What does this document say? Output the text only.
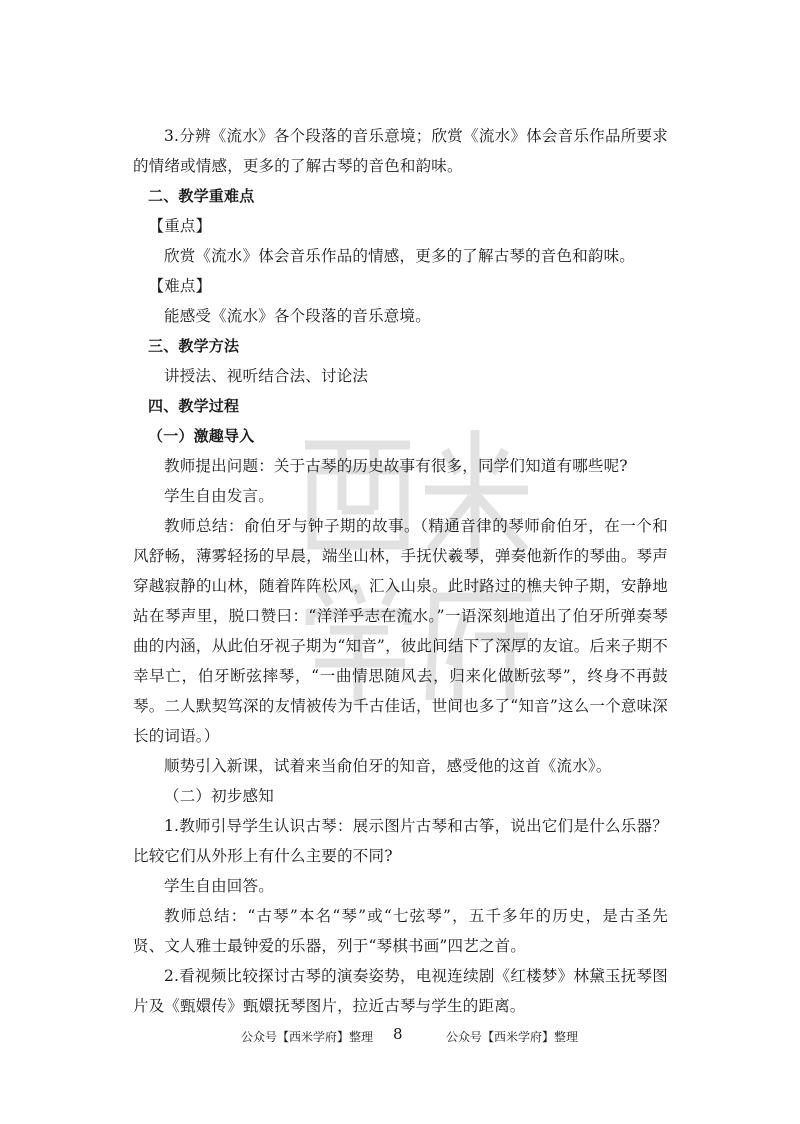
3.分辨《流水》各个段落的音乐意境；欣赏《流水》体会音乐作品所要求的情绪或情感，更多的了解古琴的音色和韵味。

二、教学重难点

【重点】

欣赏《流水》体会音乐作品的情感，更多的了解古琴的音色和韵味。

【难点】

能感受《流水》各个段落的音乐意境。

三、教学方法

讲授法、视听结合法、讨论法

四、教学过程

（一）激趣导入

教师提出问题：关于古琴的历史故事有很多，同学们知道有哪些呢?

学生自由发言。

教师总结：俞伯牙与钟子期的故事。（精通音律的琴师俞伯牙，在一个和风舒畅，薄雾轻扬的早晨，端坐山林，手抚伏羲琴，弹奏他新作的琴曲。琴声穿越寂静的山林，随着阵阵松风，汇入山泉。此时路过的樵夫钟子期，安静地站在琴声里，脱口赞曰：“洋洋乎志在流水。”一语深刻地道出了伯牙所弹奏琴曲的内涵，从此伯牙视子期为“知音”，彼此间结下了深厚的友谊。后来子期不幸早亡，伯牙断弦摔琴，“一曲情思随风去，归来化做断弦琴”，终身不再鼓琴。二人默契笃深的友情被传为千古佳话，世间也多了“知音”这么一个意味深长的词语。）

顺势引入新课，试着来当俞伯牙的知音，感受他的这首《流水》。

（二）初步感知

1.教师引导学生认识古琴：展示图片古琴和古筝，说出它们是什么乐器？比较它们从外形上有什么主要的不同?

学生自由回答。

教师总结：“古琴”本名“琴”或“七弦琴”，五千多年的历史，是古圣先贤、文人雅士最钟爱的乐器，列于“琴棋书画”四艺之首。

2.看视频比较探讨古琴的演奏姿势，电视连续剧《红楼梦》林黛玉抚琴图片及《甄嬛传》甄嬛抚琴图片，拉近古琴与学生的距离。

公众号【西米学府】整理 8	公众号【西米学府】整理
